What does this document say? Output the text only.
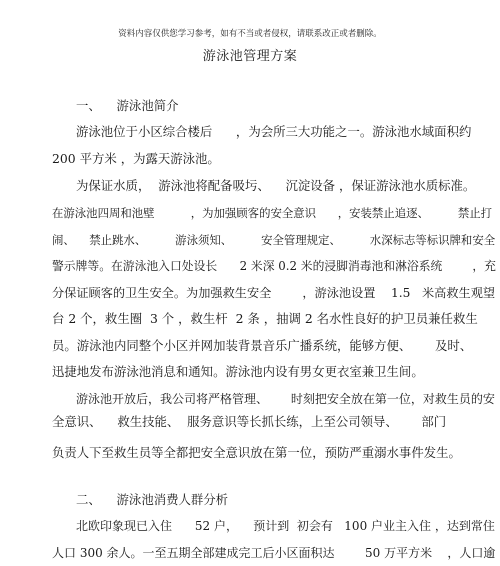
资料内容仅供您学习参考，如有不当或者侵权，请联系改正或者删除。
游泳池管理方案
一、    游泳池简介
游泳池位于小区综合楼后      ，为会所三大功能之一。游泳池水域面积约
200 平方米 ，为露天游泳池。
为保证水质，  游泳池将配备吸圬、    沉淀设备 ，保证游泳池水质标准。
在游泳池四周和池壁          ，为加强顾客的安全意识      ，安装禁止追逐、        禁止打
闹、    禁止跳水、        游泳须知、        安全管理规定、        水深标志等标识牌和安全
警示牌等。在游泳池入口处设长      2 米深 0.2 米的浸脚消毒池和淋浴系统        ，充
分保证顾客的卫生安全。为加强救生安全        ，游泳池设置    1.5   米高救生观望
台 2 个，救生圈  3 个 ，救生杆  2 条 ，抽调 2 名水性良好的护卫员兼任救生
员。游泳池内同整个小区并网加装背景音乐广播系统，能够方便、      及时、
迅捷地发布游泳池消息和通知。游泳池内设有男女更衣室兼卫生间。
游泳池开放后，我公司将严格管理、      时刻把安全放在第一位，对救生员的安
全意识、    救生技能、  服务意识等长抓长练，上至公司领导、      部门
负责人下至救生员等全都把安全意识放在第一位，预防严重溺水事件发生。
二、    游泳池消费人群分析
北欧印象现已入住      52 户，    预计到  初会有   100 户业主入住 ，达到常住
人口 300 余人。一至五期全部建成完工后小区面积达        50 万平方米    ，人口逾
